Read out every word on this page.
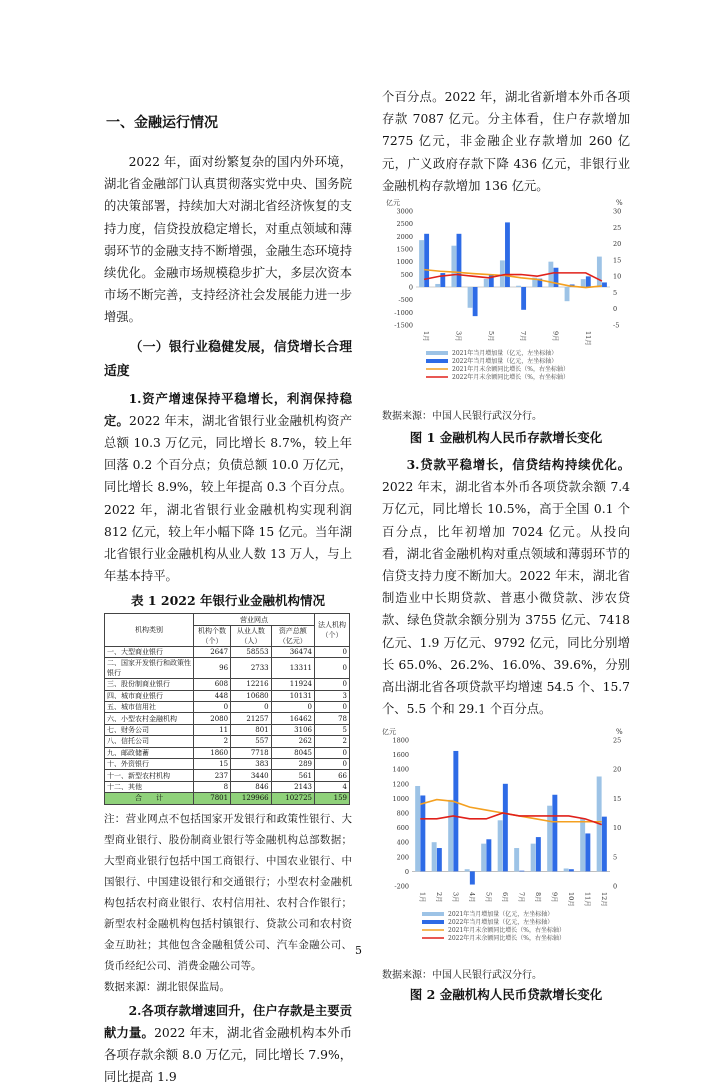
一、金融运行情况

2022 年，面对纷繁复杂的国内外环境，湖北省金融部门认真贯彻落实党中央、国务院的决策部署，持续加大对湖北省经济恢复的支持力度，信贷投放稳定增长，对重点领域和薄弱环节的金融支持不断增强，金融生态环境持续优化。金融市场规模稳步扩大，多层次资本市场不断完善，支持经济社会发展能力进一步增强。

（一）银行业稳健发展，信贷增长合理适度

1.资产增速保持平稳增长，利润保持稳定。2022 年末，湖北省银行业金融机构资产总额 10.3 万亿元，同比增长 8.7%，较上年回落 0.2 个百分点；负债总额 10.0 万亿元，同比增长 8.9%，较上年提高 0.3 个百分点。2022 年，湖北省银行业金融机构实现利润 812 亿元，较上年小幅下降 15 亿元。当年湖北省银行业金融机构从业人数 13 万人，与上年基本持平。

表 1 2022 年银行业金融机构情况
机构类别	营业网点			法人机构（个）
	机构个数（个）	从业人数（人）	资产总额（亿元）	
一、大型商业银行	2647	58553	36474	0
二、国家开发银行和政策性银行	96	2733	13311	0
三、股份制商业银行	608	12216	11924	0
四、城市商业银行	448	10680	10131	3
五、城市信用社	0	0	0	0
六、小型农村金融机构	2080	21257	16462	78
七、财务公司	11	801	3106	5
八、信托公司	2	557	262	2
九、邮政储蓄	1860	7718	8045	0
十、外资银行	15	383	289	0
十一、新型农村机构	237	3440	561	66
十二、其他	8	846	2143	4
合　　计	7801	129966	102725	159

注：营业网点不包括国家开发银行和政策性银行、大型商业银行、股份制商业银行等金融机构总部数据；大型商业银行包括中国工商银行、中国农业银行、中国银行、中国建设银行和交通银行；小型农村金融机构包括农村商业银行、农村信用社、农村合作银行；新型农村金融机构包括村镇银行、贷款公司和农村资金互助社；其他包含金融租赁公司、汽车金融公司、货币经纪公司、消费金融公司等。

数据来源：湖北银保监局。

2.各项存款增速回升，住户存款是主要贡献力量。2022 年末，湖北省金融机构本外币各项存款余额 8.0 万亿元，同比增长 7.9%，同比提高 1.9

个百分点。2022 年，湖北省新增本外币各项存款 7087 亿元。分主体看，住户存款增加 7275 亿元，非金融企业存款增加 260 亿元，广义政府存款下降 436 亿元，非银行业金融机构存款增加 136 亿元。

亿元	%
3000
2500
2000
1500
1000
500
0
-500
-1000
-1500
30
25
20
15
10
5
0
-5
1月	3月	5月	7月	9月	11月
2021年当月增加量（亿元，左坐标轴）
2022年当月增加量（亿元，左坐标轴）
2021年月末余额同比增长（%，右坐标轴）
2022年月末余额同比增长（%，右坐标轴）
数据来源：中国人民银行武汉分行。
图 1 金融机构人民币存款增长变化

3.贷款平稳增长，信贷结构持续优化。2022 年末，湖北省本外币各项贷款余额 7.4 万亿元，同比增长 10.5%，高于全国 0.1 个百分点，比年初增加 7024 亿元。从投向看，湖北省金融机构对重点领域和薄弱环节的信贷支持力度不断加大。2022 年末，湖北省制造业中长期贷款、普惠小微贷款、涉农贷款、绿色贷款余额分别为 3755 亿元、7418 亿元、1.9 万亿元、9792 亿元，同比分别增长 65.0%、26.2%、16.0%、39.6%，分别高出湖北省各项贷款平均增速 54.5 个、15.7 个、5.5 个和 29.1 个百分点。

亿元	%
1800
1600
1400
1200
1000
800
600
400
200
0
-200
25
20
15
10
5
0
1月 2月 3月 4月 5月 6月 7月 8月 9月 10月 11月 12月
2021年当月增加量（亿元，左坐标轴）
2022年当月增加量（亿元，左坐标轴）
2021年月末余额同比增长（%，右坐标轴）
2022年月末余额同比增长（%，右坐标轴）
数据来源：中国人民银行武汉分行。
图 2 金融机构人民币贷款增长变化
5
